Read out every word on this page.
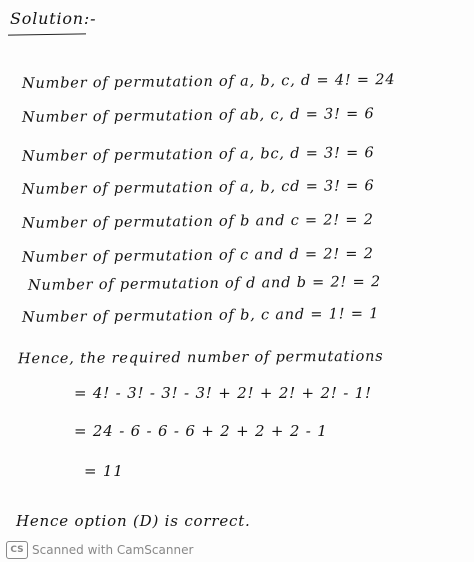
Solution:-
Number of permutation of a, b, c, d = 4! = 24
Number of permutation of ab, c, d = 3! = 6
Number of permutation of a, bc, d = 3! = 6
Number of permutation of a, b, cd = 3! = 6
Number of permutation of b and c = 2! = 2
Number of permutation of c and d = 2! = 2
Number of permutation of d and b = 2! = 2
Number of permutation of b, c and = 1! = 1
Hence, the required number of permutations
= 4! - 3! - 3! - 3! + 2! + 2! + 2! - 1!
= 24 - 6 - 6 - 6 + 2 + 2 + 2 - 1
= 11
Hence option (D) is correct.
CS Scanned with CamScanner
